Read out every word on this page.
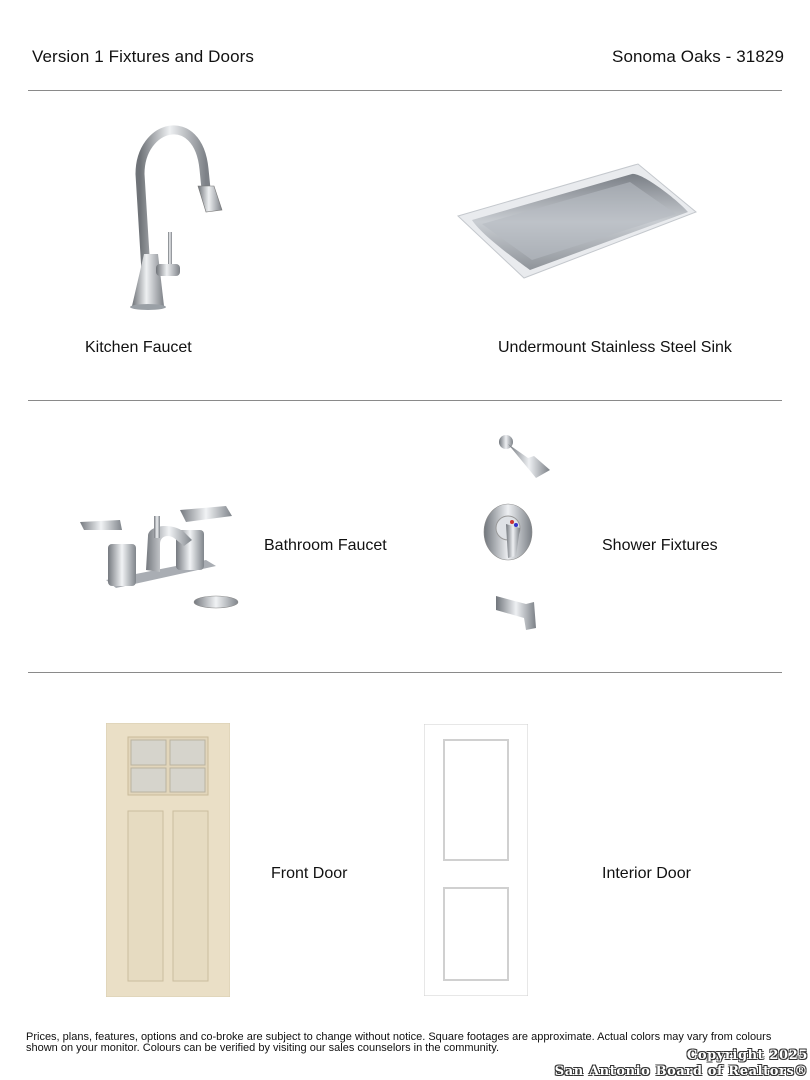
Version 1 Fixtures and Doors	Sonoma Oaks - 31829
Kitchen Faucet	Undermount Stainless Steel Sink
Bathroom Faucet	Shower Fixtures
Front Door	Interior Door
Prices, plans, features, options and co-broke are subject to change without notice. Square footages are approximate. Actual colors may vary from colours shown on your monitor. Colours can be verified by visiting our sales counselors in the community.	Copyright 2025
San Antonio Board of Realtors®
